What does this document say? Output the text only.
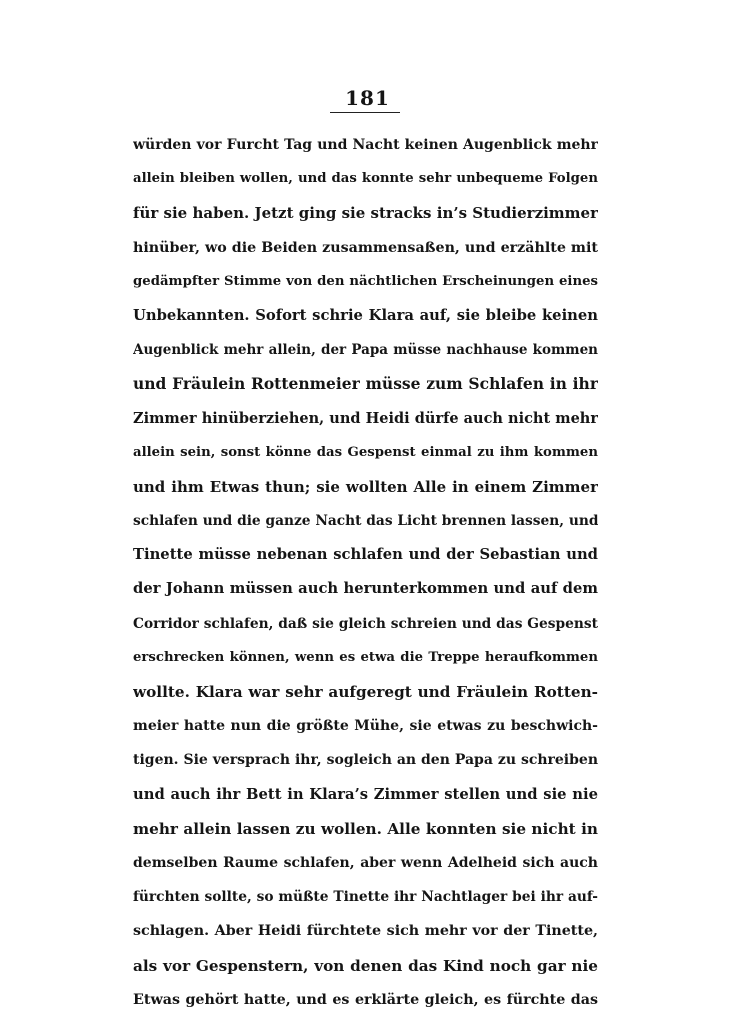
181
würden vor Furcht Tag und Nacht keinen Augenblick mehr
allein bleiben wollen, und das konnte sehr unbequeme Folgen
für sie haben. Jetzt ging sie stracks in’s Studierzimmer
hinüber, wo die Beiden zusammensaßen, und erzählte mit
gedämpfter Stimme von den nächtlichen Erscheinungen eines
Unbekannten. Sofort schrie Klara auf, sie bleibe keinen
Augenblick mehr allein, der Papa müsse nachhause kommen
und Fräulein Rottenmeier müsse zum Schlafen in ihr
Zimmer hinüberziehen, und Heidi dürfe auch nicht mehr
allein sein, sonst könne das Gespenst einmal zu ihm kommen
und ihm Etwas thun; sie wollten Alle in einem Zimmer
schlafen und die ganze Nacht das Licht brennen lassen, und
Tinette müsse nebenan schlafen und der Sebastian und
der Johann müssen auch herunterkommen und auf dem
Corridor schlafen, daß sie gleich schreien und das Gespenst
erschrecken können, wenn es etwa die Treppe heraufkommen
wollte. Klara war sehr aufgeregt und Fräulein Rotten-
meier hatte nun die größte Mühe, sie etwas zu beschwich-
tigen. Sie versprach ihr, sogleich an den Papa zu schreiben
und auch ihr Bett in Klara’s Zimmer stellen und sie nie
mehr allein lassen zu wollen. Alle konnten sie nicht in
demselben Raume schlafen, aber wenn Adelheid sich auch
fürchten sollte, so müßte Tinette ihr Nachtlager bei ihr auf-
schlagen. Aber Heidi fürchtete sich mehr vor der Tinette,
als vor Gespenstern, von denen das Kind noch gar nie
Etwas gehört hatte, und es erklärte gleich, es fürchte das
